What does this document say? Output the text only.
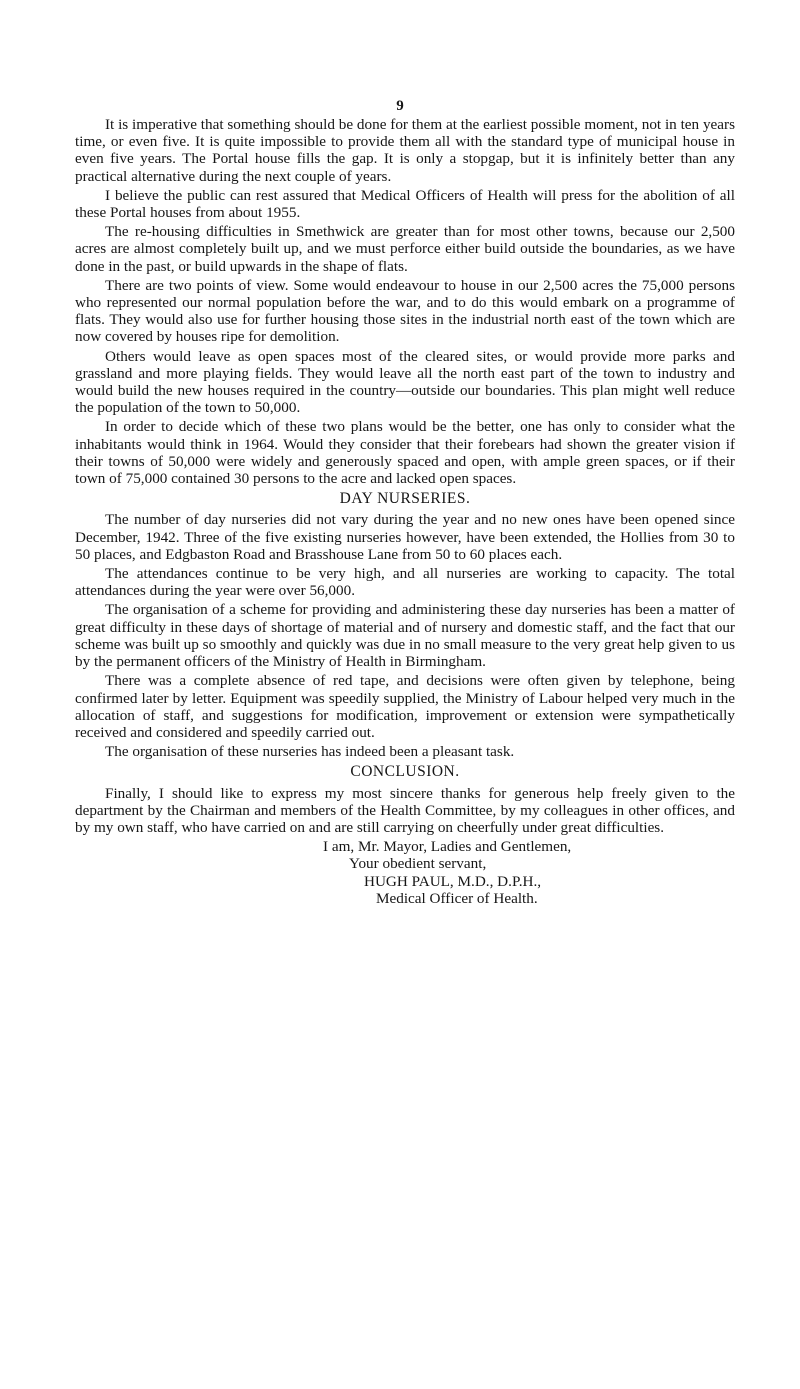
9

It is imperative that something should be done for them at the earliest possible moment, not in ten years time, or even five. It is quite impossible to provide them all with the standard type of municipal house in even five years. The Portal house fills the gap. It is only a stopgap, but it is infinitely better than any practical alternative during the next couple of years.

I believe the public can rest assured that Medical Officers of Health will press for the abolition of all these Portal houses from about 1955.

The re-housing difficulties in Smethwick are greater than for most other towns, because our 2,500 acres are almost completely built up, and we must perforce either build outside the boundaries, as we have done in the past, or build upwards in the shape of flats.

There are two points of view. Some would endeavour to house in our 2,500 acres the 75,000 persons who represented our normal population before the war, and to do this would embark on a programme of flats. They would also use for further housing those sites in the industrial north east of the town which are now covered by houses ripe for demolition.

Others would leave as open spaces most of the cleared sites, or would provide more parks and grassland and more playing fields. They would leave all the north east part of the town to industry and would build the new houses required in the country—outside our boundaries. This plan might well reduce the population of the town to 50,000.

In order to decide which of these two plans would be the better, one has only to consider what the inhabitants would think in 1964. Would they consider that their forebears had shown the greater vision if their towns of 50,000 were widely and generously spaced and open, with ample green spaces, or if their town of 75,000 contained 30 persons to the acre and lacked open spaces.

DAY NURSERIES.

The number of day nurseries did not vary during the year and no new ones have been opened since December, 1942. Three of the five existing nurseries however, have been extended, the Hollies from 30 to 50 places, and Edgbaston Road and Brasshouse Lane from 50 to 60 places each.

The attendances continue to be very high, and all nurseries are working to capacity. The total attendances during the year were over 56,000.

The organisation of a scheme for providing and administering these day nurseries has been a matter of great difficulty in these days of shortage of material and of nursery and domestic staff, and the fact that our scheme was built up so smoothly and quickly was due in no small measure to the very great help given to us by the permanent officers of the Ministry of Health in Birmingham.

There was a complete absence of red tape, and decisions were often given by telephone, being confirmed later by letter. Equipment was speedily supplied, the Ministry of Labour helped very much in the allocation of staff, and suggestions for modification, improvement or extension were sympathetically received and considered and speedily carried out.

The organisation of these nurseries has indeed been a pleasant task.

CONCLUSION.

Finally, I should like to express my most sincere thanks for generous help freely given to the department by the Chairman and members of the Health Committee, by my colleagues in other offices, and by my own staff, who have carried on and are still carrying on cheerfully under great difficulties.

I am, Mr. Mayor, Ladies and Gentlemen,
Your obedient servant,
HUGH PAUL, M.D., D.P.H.,
Medical Officer of Health.
